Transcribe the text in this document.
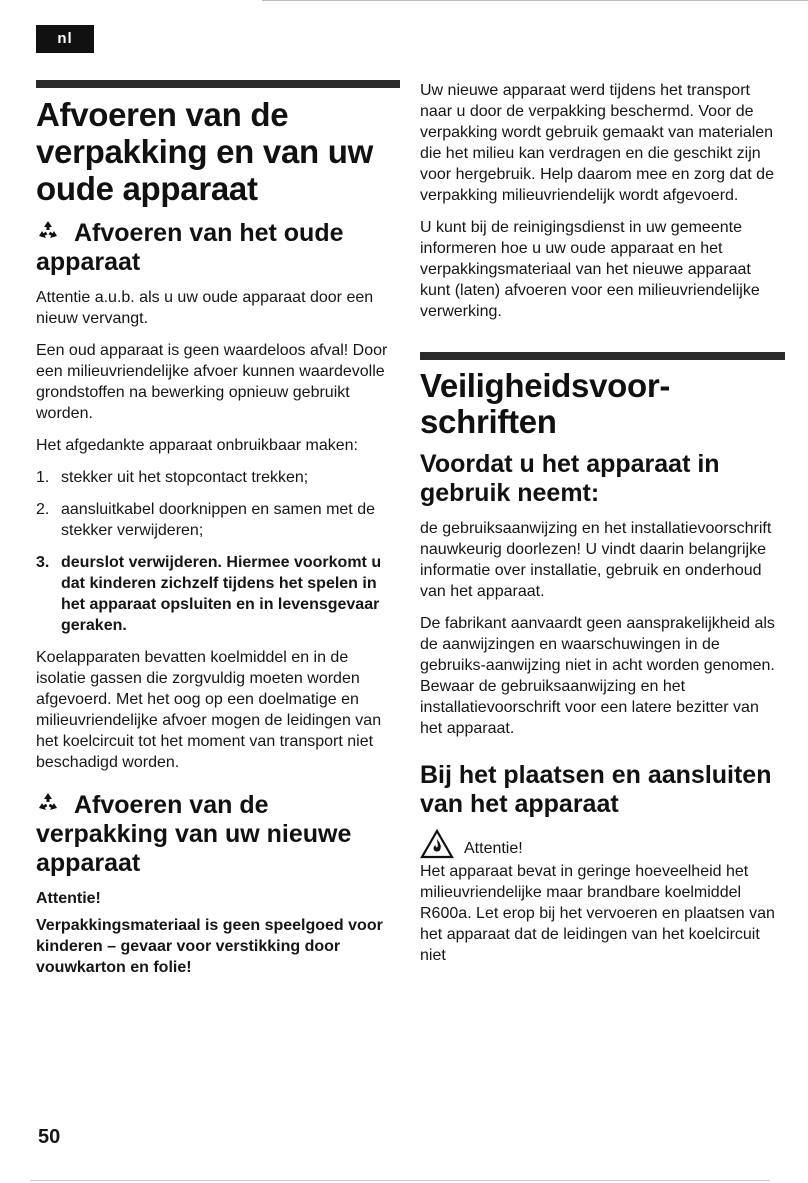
nl
Afvoeren van de verpakking en van uw oude apparaat
Afvoeren van het oude apparaat

Attentie a.u.b. als u uw oude apparaat door een nieuw vervangt.

Een oud apparaat is geen waardeloos afval! Door een milieuvriendelijke afvoer kunnen waardevolle grondstoffen na bewerking opnieuw gebruikt worden.

Het afgedankte apparaat onbruikbaar maken:

1. stekker uit het stopcontact trekken;
2. aansluitkabel doorknippen en samen met de stekker verwijderen;
3. deurslot verwijderen. Hiermee voorkomt u dat kinderen zichzelf tijdens het spelen in het apparaat opsluiten en in levensgevaar geraken.

Koelapparaten bevatten koelmiddel en in de isolatie gassen die zorgvuldig moeten worden afgevoerd. Met het oog op een doelmatige en milieuvriendelijke afvoer mogen de leidingen van het koelcircuit tot het moment van transport niet beschadigd worden.

Afvoeren van de verpakking van uw nieuwe apparaat

Attentie!

Verpakkingsmateriaal is geen speelgoed voor kinderen – gevaar voor verstikking door vouwkarton en folie!

Uw nieuwe apparaat werd tijdens het transport naar u door de verpakking beschermd. Voor de verpakking wordt gebruik gemaakt van materialen die het milieu kan verdragen en die geschikt zijn voor hergebruik. Help daarom mee en zorg dat de verpakking milieuvriendelijk wordt afgevoerd.

U kunt bij de reinigingsdienst in uw gemeente informeren hoe u uw oude apparaat en het verpakkingsmateriaal van het nieuwe apparaat kunt (laten) afvoeren voor een milieuvriendelijke verwerking.

Veiligheidsvoor-schriften
Voordat u het apparaat in gebruik neemt:

de gebruiksaanwijzing en het installatievoorschrift nauwkeurig doorlezen! U vindt daarin belangrijke informatie over installatie, gebruik en onderhoud van het apparaat.

De fabrikant aanvaardt geen aansprakelijkheid als de aanwijzingen en waarschuwingen in de gebruiks-aanwijzing niet in acht worden genomen. Bewaar de gebruiksaanwijzing en het installatievoorschrift voor een latere bezitter van het apparaat.

Bij het plaatsen en aansluiten van het apparaat
Attentie!

Het apparaat bevat in geringe hoeveelheid het milieuvriendelijke maar brandbare koelmiddel R600a. Let erop bij het vervoeren en plaatsen van het apparaat dat de leidingen van het koelcircuit niet

50
